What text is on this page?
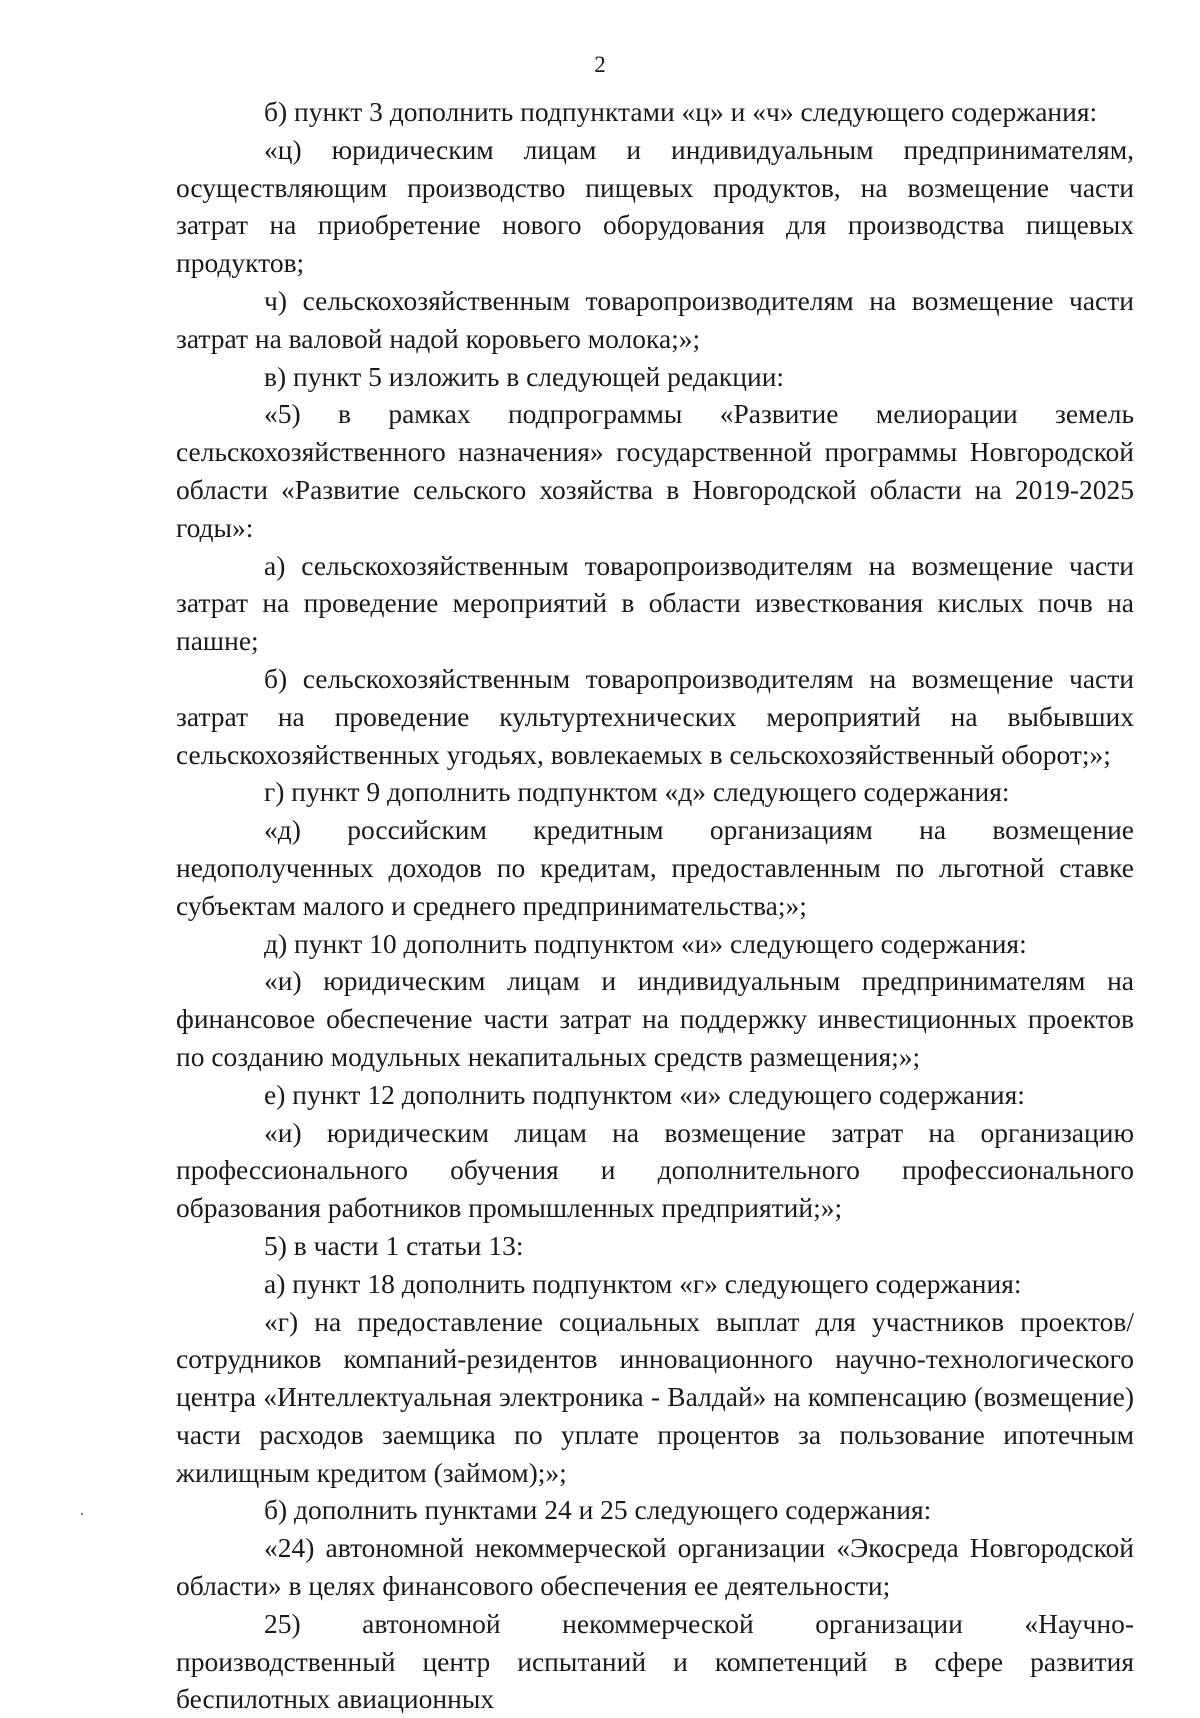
2

б) пункт 3 дополнить подпунктами «ц» и «ч» следующего содержания:

«ц) юридическим лицам и индивидуальным предпринимателям, осуществляющим производство пищевых продуктов, на возмещение части затрат на приобретение нового оборудования для производства пищевых продуктов;

ч) сельскохозяйственным товаропроизводителям на возмещение части затрат на валовой надой коровьего молока;»;

в) пункт 5 изложить в следующей редакции:

«5) в рамках подпрограммы «Развитие мелиорации земель сельскохозяйственного назначения» государственной программы Новгородской области «Развитие сельского хозяйства в Новгородской области на 2019-2025 годы»:

а) сельскохозяйственным товаропроизводителям на возмещение части затрат на проведение мероприятий в области известкования кислых почв на пашне;

б) сельскохозяйственным товаропроизводителям на возмещение части затрат на проведение культуртехнических мероприятий на выбывших сельскохозяйственных угодьях, вовлекаемых в сельскохозяйственный оборот;»;

г) пункт 9 дополнить подпунктом «д» следующего содержания:

«д) российским кредитным организациям на возмещение недополученных доходов по кредитам, предоставленным по льготной ставке субъектам малого и среднего предпринимательства;»;

д) пункт 10 дополнить подпунктом «и» следующего содержания:

«и) юридическим лицам и индивидуальным предпринимателям на финансовое обеспечение части затрат на поддержку инвестиционных проектов по созданию модульных некапитальных средств размещения;»;

е) пункт 12 дополнить подпунктом «и» следующего содержания:

«и) юридическим лицам на возмещение затрат на организацию профессионального обучения и дополнительного профессионального образования работников промышленных предприятий;»;

5) в части 1 статьи 13:

а) пункт 18 дополнить подпунктом «г» следующего содержания:

«г) на предоставление социальных выплат для участников проектов/сотрудников компаний-резидентов инновационного научно-технологического центра «Интеллектуальная электроника - Валдай» на компенсацию (возмещение) части расходов заемщика по уплате процентов за пользование ипотечным жилищным кредитом (займом);»;

б) дополнить пунктами 24 и 25 следующего содержания:

«24) автономной некоммерческой организации «Экосреда Новгородской области» в целях финансового обеспечения ее деятельности;

25) автономной некоммерческой организации «Научно-производственный центр испытаний и компетенций в сфере развития беспилотных авиационных
